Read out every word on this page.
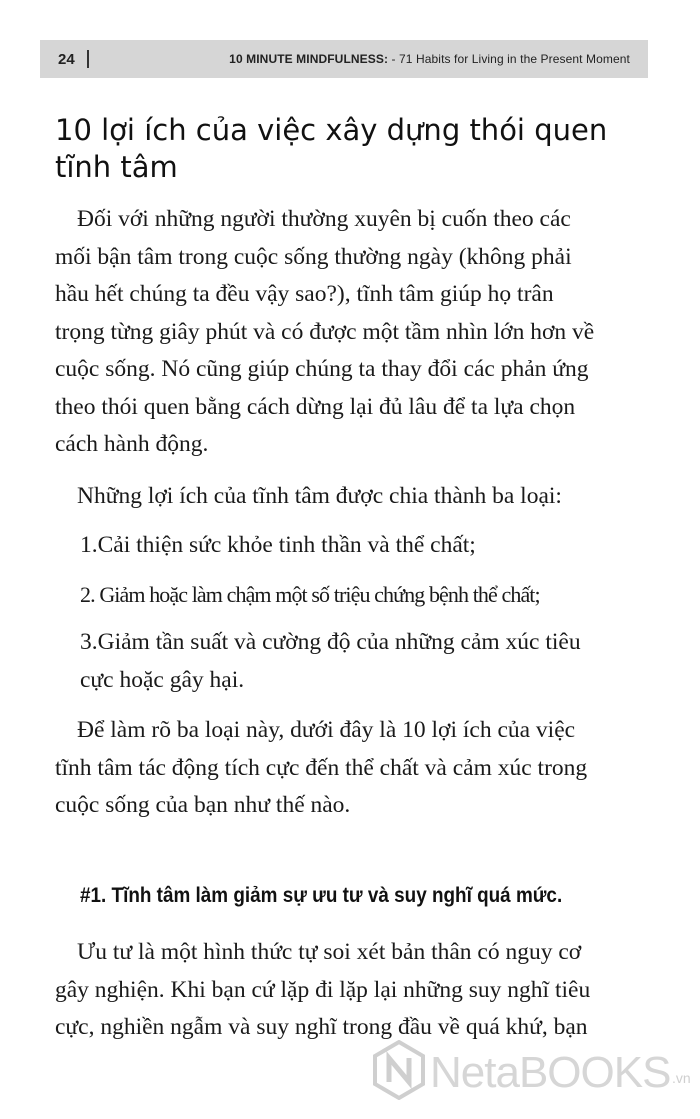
24	10 MINUTE MINDFULNESS: - 71 Habits for Living in the Present Moment
10 lợi ích của việc xây dựng thói quen
tĩnh tâm

Đối với những người thường xuyên bị cuốn theo các
mối bận tâm trong cuộc sống thường ngày (không phải
hầu hết chúng ta đều vậy sao?), tĩnh tâm giúp họ trân
trọng từng giây phút và có được một tầm nhìn lớn hơn về
cuộc sống. Nó cũng giúp chúng ta thay đổi các phản ứng
theo thói quen bằng cách dừng lại đủ lâu để ta lựa chọn
cách hành động.

Những lợi ích của tĩnh tâm được chia thành ba loại:

1.Cải thiện sức khỏe tinh thần và thể chất;

2. Giảm hoặc làm chậm một số triệu chứng bệnh thể chất;

3.Giảm tần suất và cường độ của những cảm xúc tiêu
cực hoặc gây hại.

Để làm rõ ba loại này, dưới đây là 10 lợi ích của việc
tĩnh tâm tác động tích cực đến thể chất và cảm xúc trong
cuộc sống của bạn như thế nào.

#1. Tĩnh tâm làm giảm sự ưu tư và suy nghĩ quá mức.

Ưu tư là một hình thức tự soi xét bản thân có nguy cơ
gây nghiện. Khi bạn cứ lặp đi lặp lại những suy nghĩ tiêu
cực, nghiền ngẫm và suy nghĩ trong đầu về quá khứ, bạn

NetaBOOKS .vn
